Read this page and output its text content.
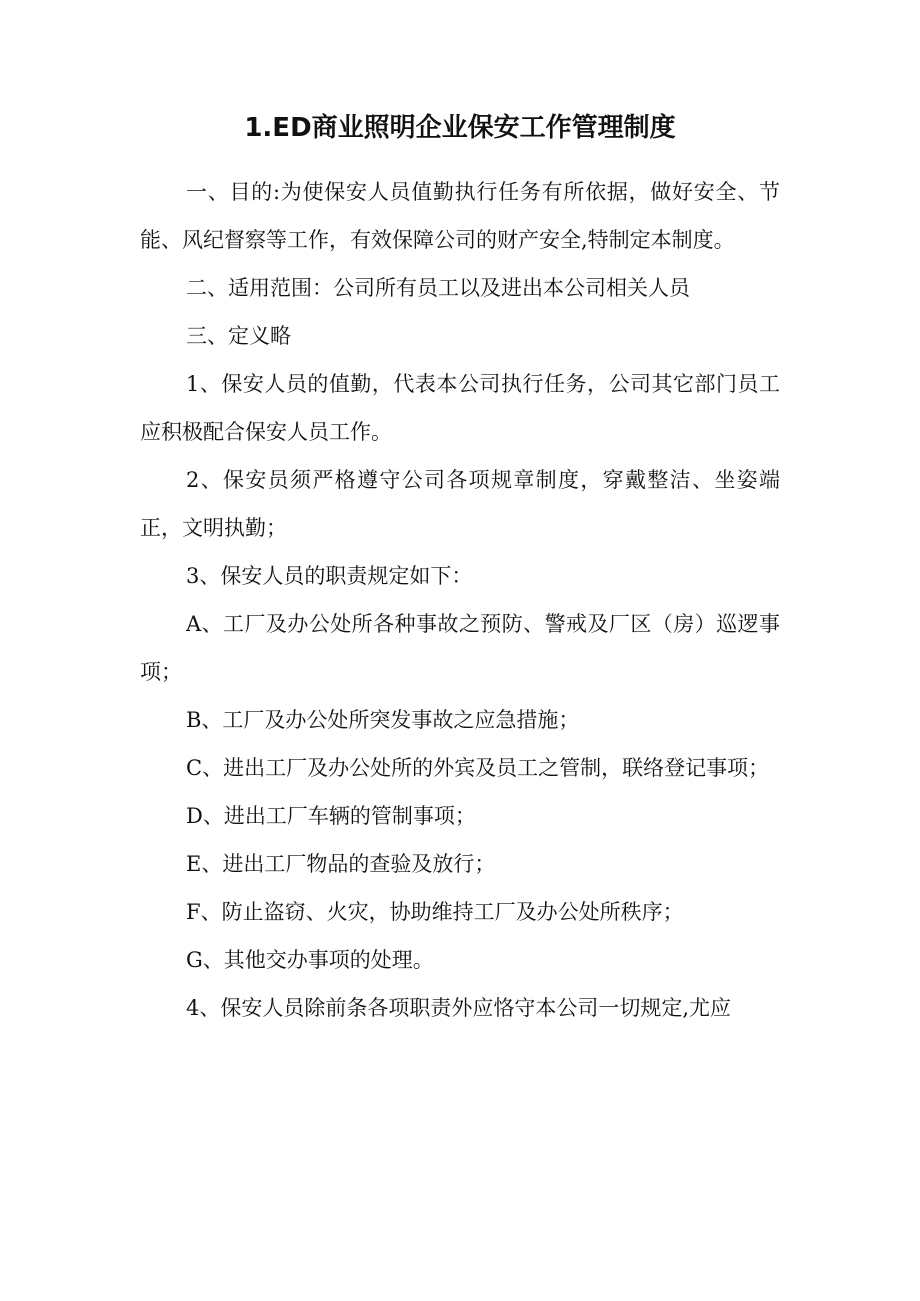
1.ED商业照明企业保安工作管理制度

一、目的:为使保安人员值勤执行任务有所依据，做好安全、节能、风纪督察等工作，有效保障公司的财产安全,特制定本制度。

二、适用范围：公司所有员工以及进出本公司相关人员

三、定义略

1、保安人员的值勤，代表本公司执行任务，公司其它部门员工应积极配合保安人员工作。

2、保安员须严格遵守公司各项规章制度，穿戴整洁、坐姿端正，文明执勤；

3、保安人员的职责规定如下：

A、工厂及办公处所各种事故之预防、警戒及厂区（房）巡逻事项；

B、工厂及办公处所突发事故之应急措施；

C、进出工厂及办公处所的外宾及员工之管制，联络登记事项；

D、进出工厂车辆的管制事项；

E、进出工厂物品的查验及放行；

F、防止盗窃、火灾，协助维持工厂及办公处所秩序；

G、其他交办事项的处理。

4、保安人员除前条各项职责外应恪守本公司一切规定,尤应
